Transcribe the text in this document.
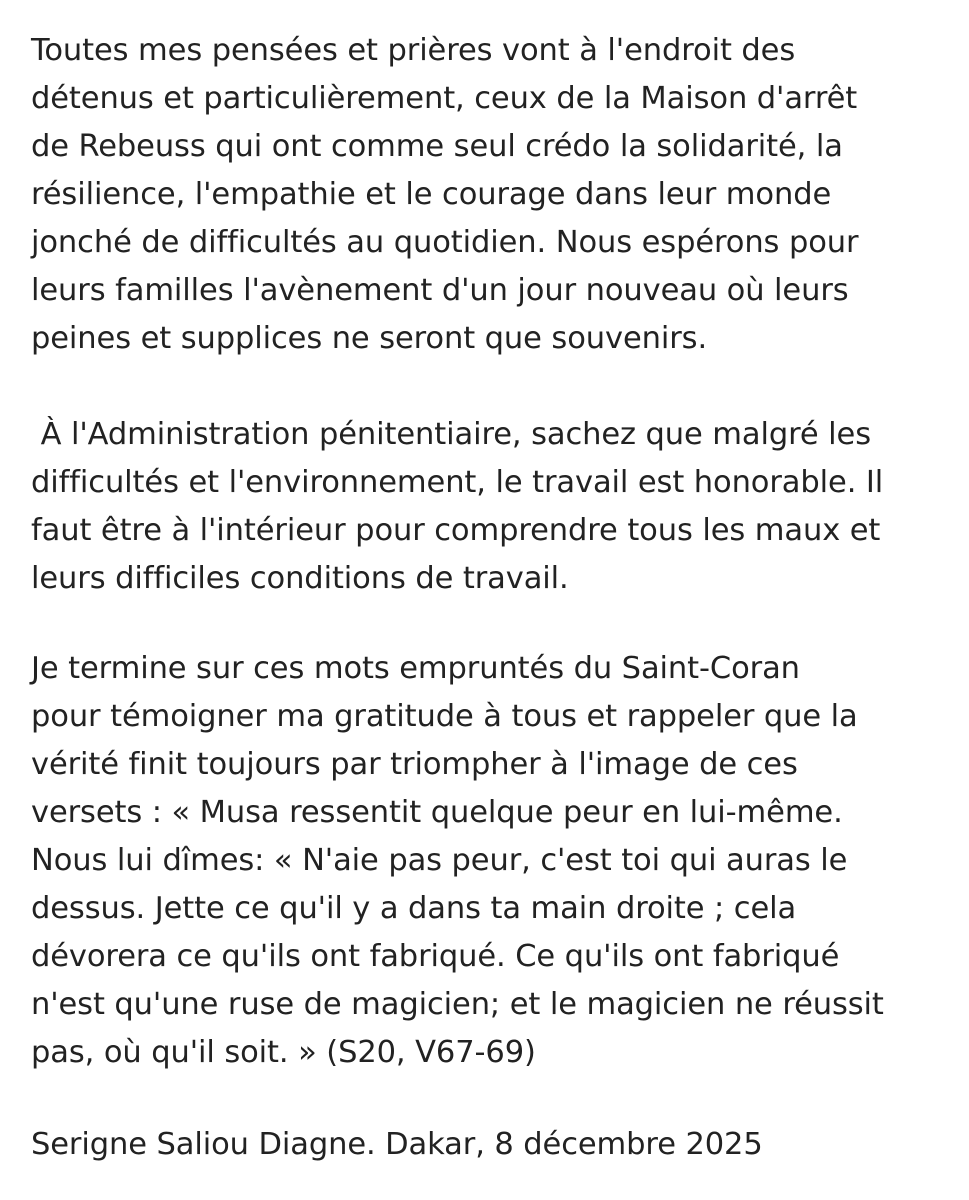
Toutes mes pensées et prières vont à l'endroit des

détenus et particulièrement, ceux de la Maison d'arrêt

de Rebeuss qui ont comme seul crédo la solidarité, la

résilience, l'empathie et le courage dans leur monde

jonché de difficultés au quotidien. Nous espérons pour

leurs familles l'avènement d'un jour nouveau où leurs

peines et supplices ne seront que souvenirs.

À l'Administration pénitentiaire, sachez que malgré les

difficultés et l'environnement, le travail est honorable. Il

faut être à l'intérieur pour comprendre tous les maux et

leurs difficiles conditions de travail.

Je termine sur ces mots empruntés du Saint-Coran

pour témoigner ma gratitude à tous et rappeler que la

vérité finit toujours par triompher à l'image de ces

versets : « Musa ressentit quelque peur en lui-même.

Nous lui dîmes: « N'aie pas peur, c'est toi qui auras le

dessus. Jette ce qu'il y a dans ta main droite ; cela

dévorera ce qu'ils ont fabriqué. Ce qu'ils ont fabriqué

n'est qu'une ruse de magicien; et le magicien ne réussit

pas, où qu'il soit. » (S20, V67-69)

Serigne Saliou Diagne. Dakar, 8 décembre 2025
